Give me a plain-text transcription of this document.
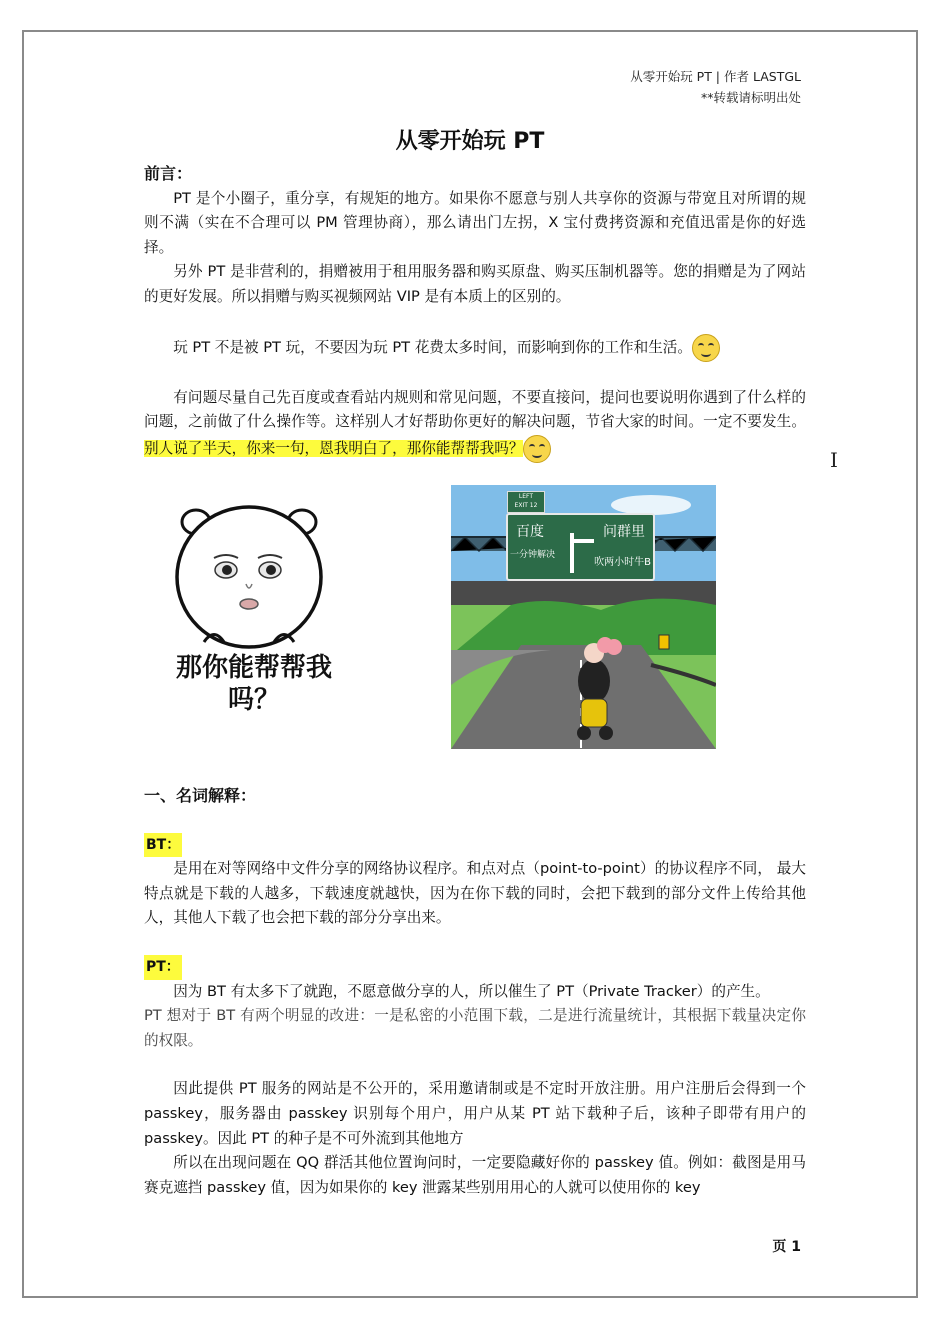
从零开始玩 PT | 作者 LASTGL
**转载请标明出处
从零开始玩 PT
前言：

PT 是个小圈子，重分享，有规矩的地方。如果你不愿意与别人共享你的资源与带宽且对所谓的规则不满（实在不合理可以 PM 管理协商），那么请出门左拐，X 宝付费拷资源和充值迅雷是你的好选择。

另外 PT 是非营利的，捐赠被用于租用服务器和购买原盘、购买压制机器等。您的捐赠是为了网站的更好发展。所以捐赠与购买视频网站 VIP 是有本质上的区别的。

玩 PT 不是被 PT 玩，不要因为玩 PT 花费太多时间，而影响到你的工作和生活。

有问题尽量自己先百度或查看站内规则和常见问题，不要直接问，提问也要说明你遇到了什么样的问题，之前做了什么操作等。这样别人才好帮助你更好的解决问题，节省大家的时间。一定不要发生。别人说了半天，你来一句，恩我明白了，那你能帮帮我吗？	I
那你能帮帮我吗？
LEFT
EXIT 12
百度
一分钟解决
问群里
吹两小时牛B
一、名词解释：
BT：

是用在对等网络中文件分享的网络协议程序。和点对点（point-to-point）的协议程序不同， 最大特点就是下载的人越多，下载速度就越快，因为在你下载的同时，会把下载到的部分文件上传给其他人，其他人下载了也会把下载的部分分享出来。

PT：

因为 BT 有太多下了就跑，不愿意做分享的人，所以催生了 PT（Private Tracker）的产生。

PT 想对于 BT 有两个明显的改进：一是私密的小范围下载，二是进行流量统计，其根据下载量决定你的权限。

因此提供 PT 服务的网站是不公开的，采用邀请制或是不定时开放注册。用户注册后会得到一个 passkey，服务器由 passkey 识别每个用户，用户从某 PT 站下载种子后，该种子即带有用户的 passkey。因此 PT 的种子是不可外流到其他地方

所以在出现问题在 QQ 群活其他位置询问时，一定要隐藏好你的 passkey 值。例如：截图是用马赛克遮挡 passkey 值，因为如果你的 key 泄露某些别用用心的人就可以使用你的 key

页 1
